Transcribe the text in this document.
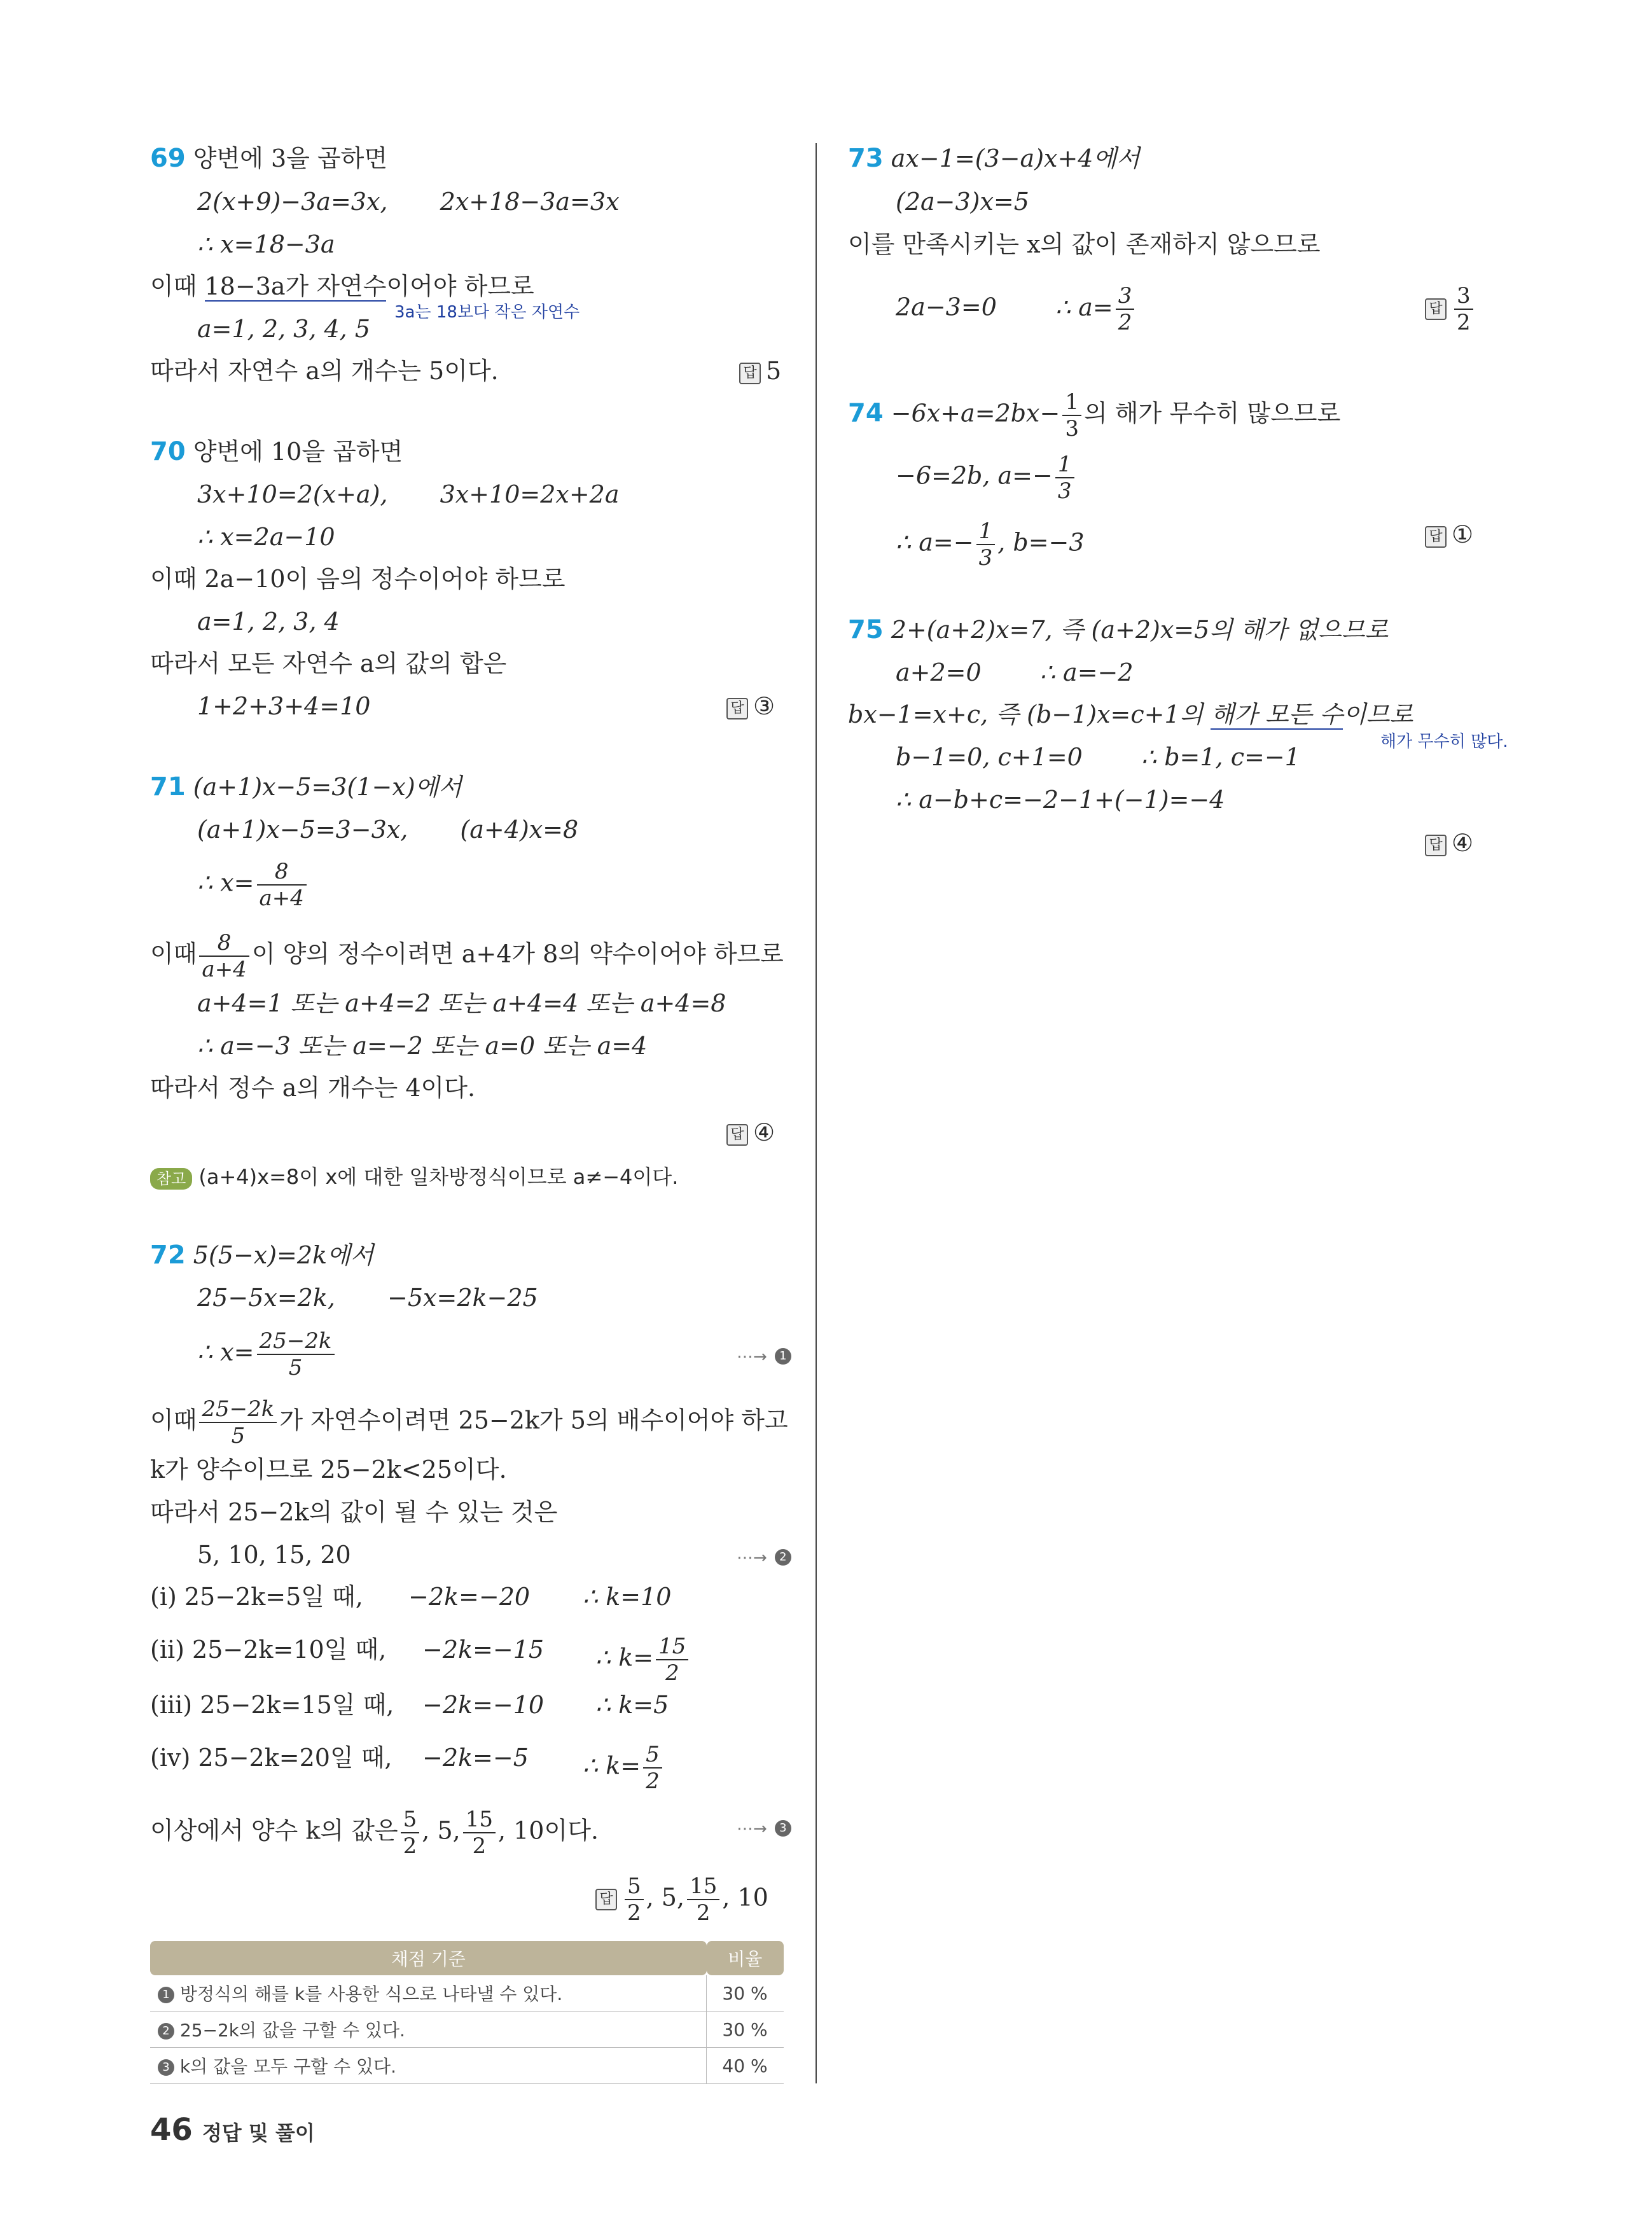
69 양변에 3을 곱하면
2(x+9)−3a=3x, 2x+18−3a=3x
∴ x=18−3a
이때 18−3a가 자연수이어야 하므로
3a는 18보다 작은 자연수
a=1, 2, 3, 4, 5
따라서 자연수 a의 개수는 5이다.	답 5
70 양변에 10을 곱하면
3x+10=2(x+a), 3x+10=2x+2a
∴ x=2a−10
이때 2a−10이 음의 정수이어야 하므로
a=1, 2, 3, 4
따라서 모든 자연수 a의 값의 합은
1+2+3+4=10	답 ③
71 (a+1)x−5=3(1−x)에서
(a+1)x−5=3−3x, (a+4)x=8
∴ $x= \frac{8}{a+4}$
이때 $\frac{8}{a+4}$ 이 양의 정수이려면 a+4가 8의 약수이어야 하므로
a+4=1 또는 a+4=2 또는 a+4=4 또는 a+4=8
∴ a=−3 또는 a=−2 또는 a=0 또는 a=4
따라서 정수 a의 개수는 4이다.
답 ④
참고 (a+4)x=8이 x에 대한 일차방정식이므로 a≠−4이다.
72 5(5−x)=2k에서
25−5x=2k, −5x=2k−25
∴ $x= \frac{25-2k}{5}$	⋯→ 1
이때 $\frac{25-2k}{5}$ 가 자연수이려면 25−2k가 5의 배수이어야 하고
k가 양수이므로 25−2k<25이다.
따라서 25−2k의 값이 될 수 있는 것은
5, 10, 15, 20	⋯→ 2
(i) 25−2k=5일 때, −2k=−20 ∴ k=10
(ii) 25−2k=10일 때, −2k=−15 ∴ $k= \frac{15}{2}$
(iii) 25−2k=15일 때, −2k=−10 ∴ k=5
(iv) 25−2k=20일 때, −2k=−5 ∴ $k= \frac{5}{2}$
이상에서 양수 k의 값은 $\frac{5}{2}$ , 5, $\frac{15}{2}$ , 10이다.	⋯→ 3
답 $\frac{5}{2}$ , 5, $\frac{15}{2}$ , 10
채점 기준	비율
1 방정식의 해를 k를 사용한 식으로 나타낼 수 있다.	30 %
2 25−2k의 값을 구할 수 있다.	30 %
3 k의 값을 모두 구할 수 있다.	40 %
73 ax−1=(3−a)x+4에서
(2a−3)x=5
이를 만족시키는 x의 값이 존재하지 않으므로
2a−3=0 ∴ $a= \frac{3}{2}$	답 $\frac{3}{2}$
$74 -6x+a=2bx- \frac{1}{3}$ 의 해가 무수히 많으므로
−6=2b, $a=- \frac{1}{3}$
∴ $a=- \frac{1}{3}$ , b=−3	답 ①
75 2+(a+2)x=7, 즉 (a+2)x=5의 해가 없으므로
a+2=0 ∴ a=−2
bx−1=x+c, 즉 (b−1)x=c+1의 해가 모든 수이므로
해가 무수히 많다.
b−1=0, c+1=0 ∴ b=1, c=−1
∴ a−b+c=−2−1+(−1)=−4
답 ④
46 정답 및 풀이
